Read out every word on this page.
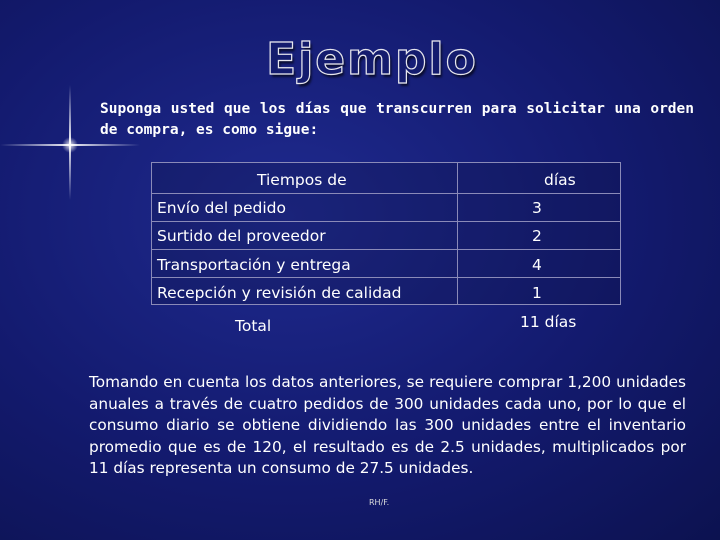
Ejemplo
Suponga usted que los días que transcurren para solicitar una orden de compra, es como sigue:
Tiempos de	días
Envío del pedido	3
Surtido del proveedor	2
Transportación y entrega	4
Recepción y revisión de calidad	1
Total	11 días
Tomando en cuenta los datos anteriores, se requiere comprar 1,200 unidades anuales a través de cuatro pedidos de 300 unidades cada uno, por lo que el consumo diario se obtiene dividiendo las 300 unidades entre el inventario promedio que es de 120, el resultado es de 2.5 unidades, multiplicados por 11 días representa un consumo de 27.5 unidades.
RH/F.
